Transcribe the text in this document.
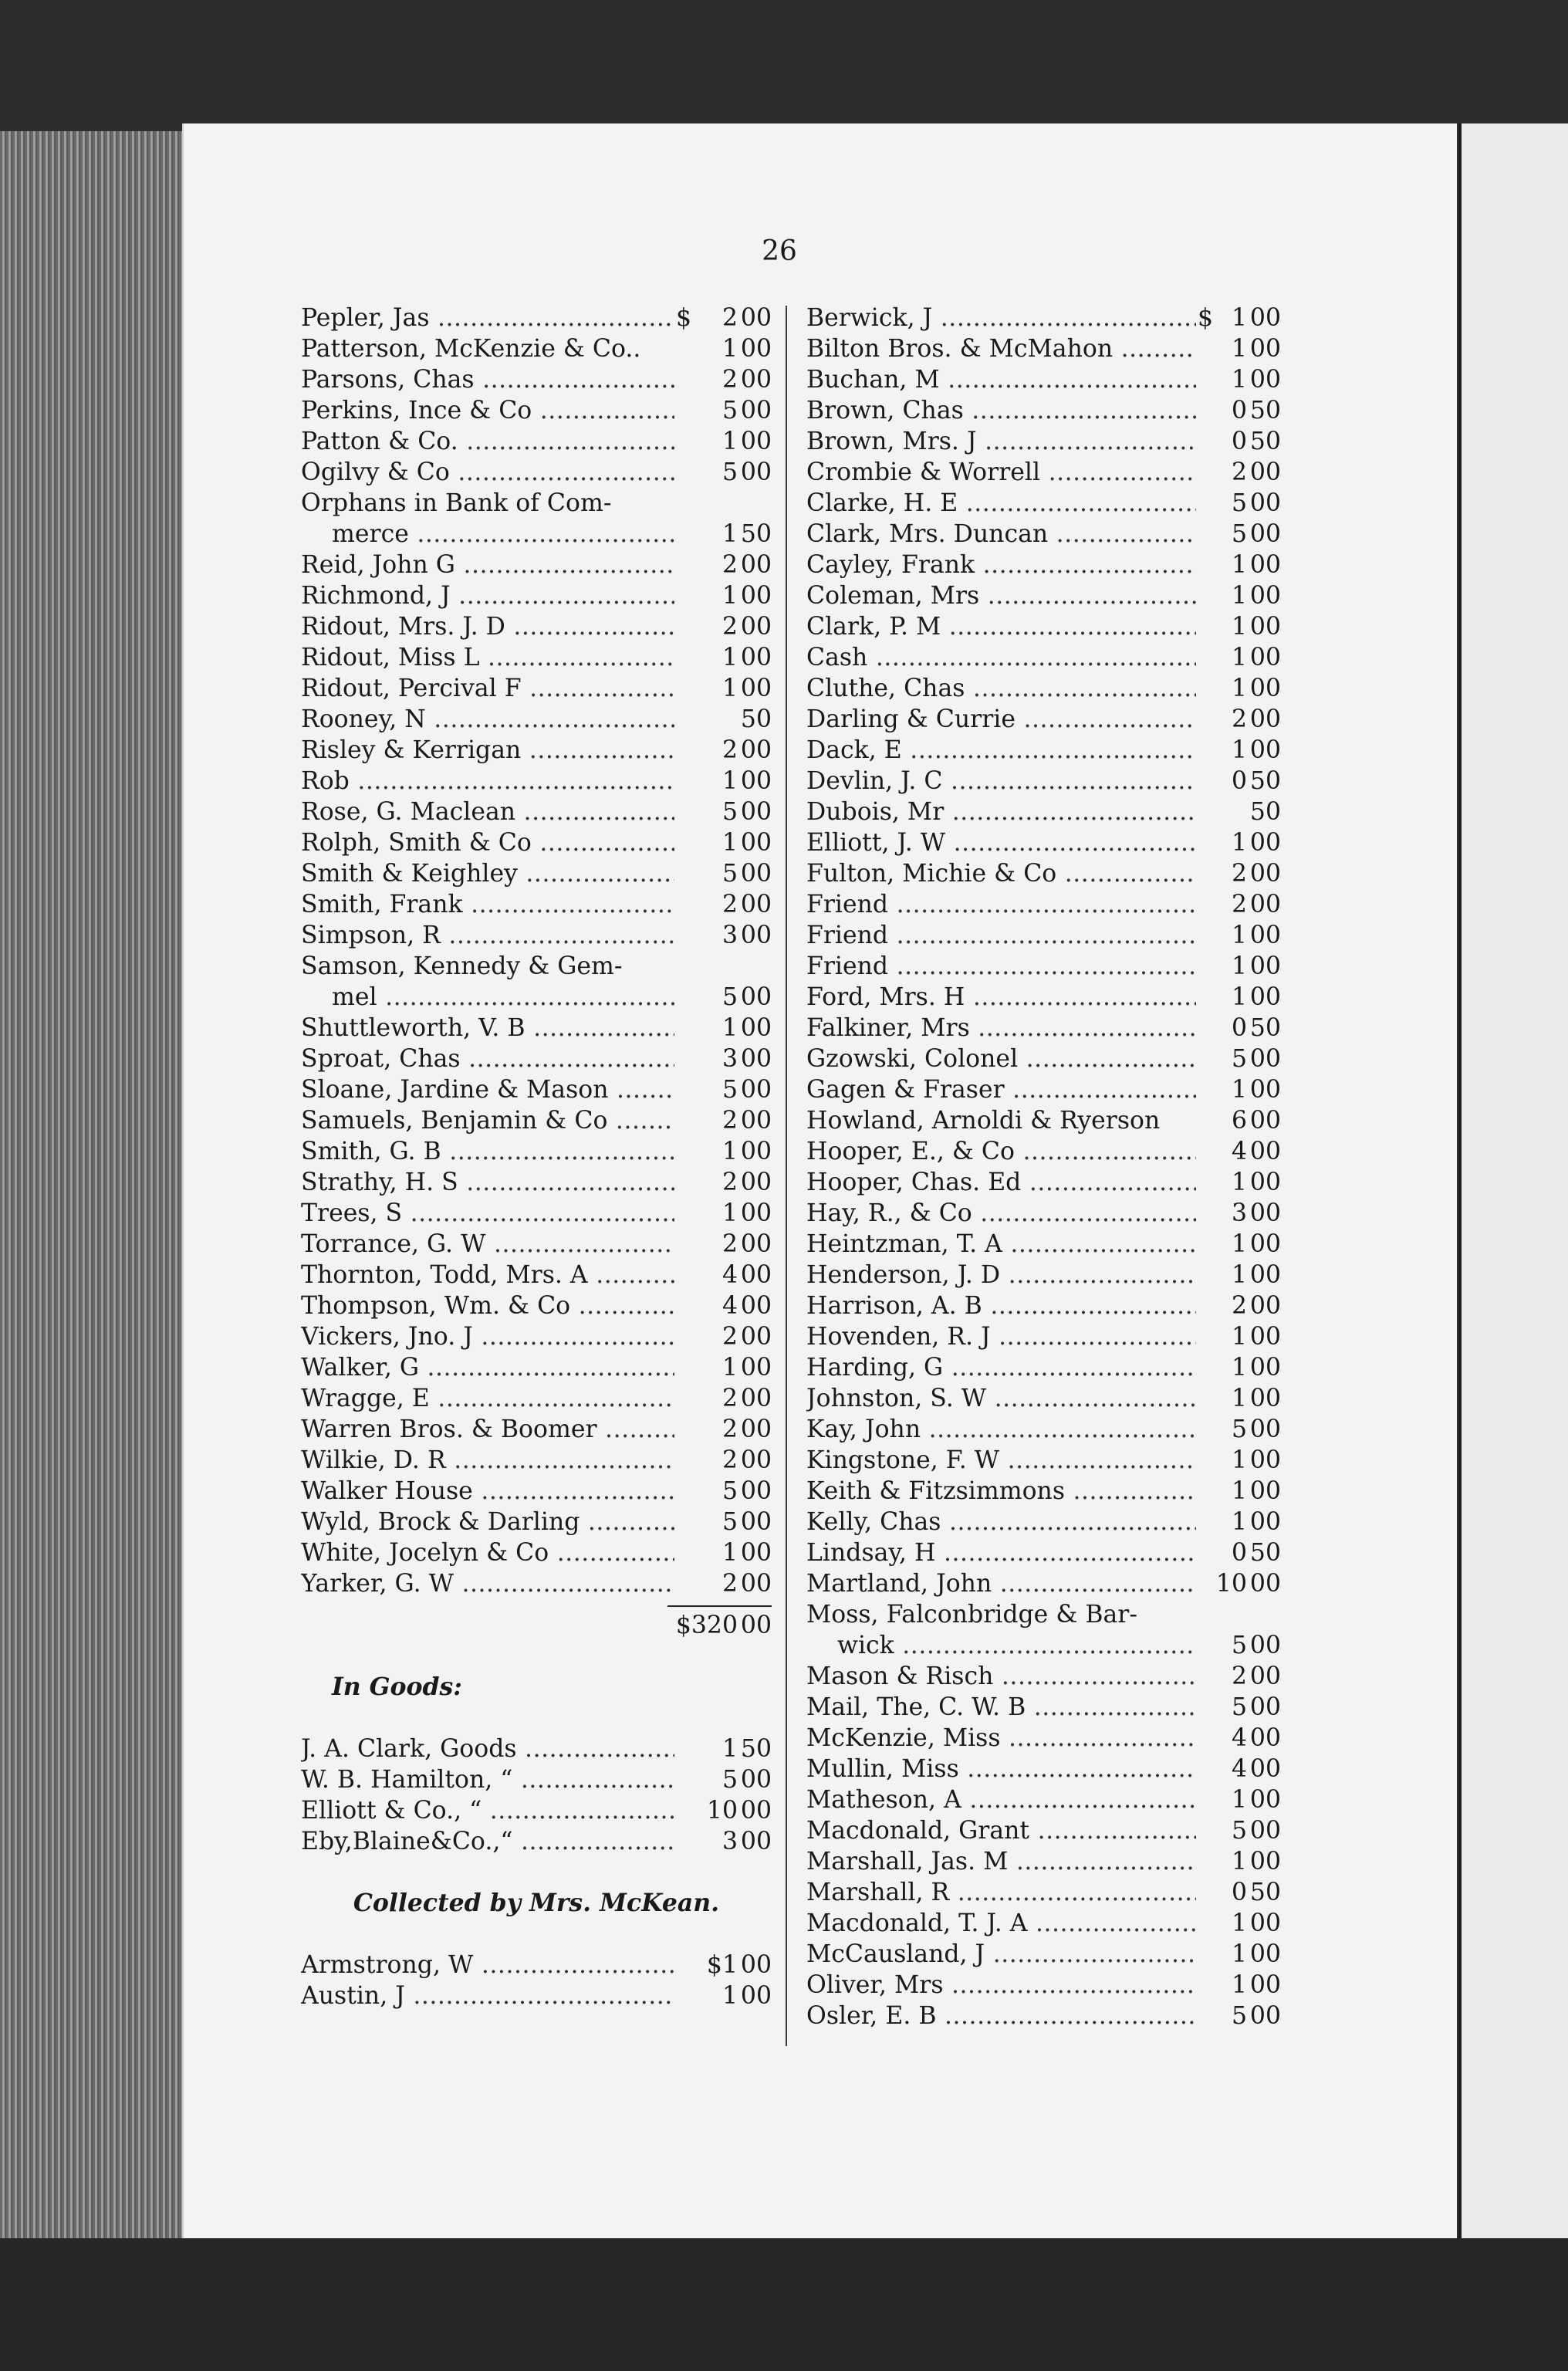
26
Pepler, Jas .....	$	2 00
Patterson, McKenzie & Co..	1 00
Parsons, Chas .....	2 00
Perkins, Ince & Co .....	5 00
Patton & Co. .....	1 00
Ogilvy & Co .....	5 00
Orphans in Bank of Com-
merce .....	1 50
Reid, John G .....	2 00
Richmond, J .....	1 00
Ridout, Mrs. J. D .....	2 00
Ridout, Miss L .....	1 00
Ridout, Percival F .....	1 00
Rooney, N .....	50
Risley & Kerrigan .....	2 00
Rob .....	1 00
Rose, G. Maclean .....	5 00
Rolph, Smith & Co .....	1 00
Smith & Keighley .....	5 00
Smith, Frank .....	2 00
Simpson, R .....	3 00
Samson, Kennedy & Gem-
mel .....	5 00
Shuttleworth, V. B .....	1 00
Sproat, Chas .....	3 00
Sloane, Jardine & Mason .....	5 00
Samuels, Benjamin & Co .....	2 00
Smith, G. B .....	1 00
Strathy, H. S .....	2 00
Trees, S .....	1 00
Torrance, G. W .....	2 00
Thornton, Todd, Mrs. A .....	4 00
Thompson, Wm. & Co .....	4 00
Vickers, Jno. J .....	2 00
Walker, G .....	1 00
Wragge, E .....	2 00
Warren Bros. & Boomer .....	2 00
Wilkie, D. R .....	2 00
Walker House .....	5 00
Wyld, Brock & Darling .....	5 00
White, Jocelyn & Co .....	1 00
Yarker, G. W .....	2 00
$320 00
In Goods:
J. A. Clark, Goods .....	1 50
W. B. Hamilton, “ .....	5 00
Elliott & Co., “ .....	10 00
Eby,Blaine&Co.,“ .....	3 00
Collected by Mrs. McKean.
Armstrong, W .....	$1 00
Austin, J .....	1 00
Berwick, J .....	$ 1 00
Bilton Bros. & McMahon .....	1 00
Buchan, M .....	1 00
Brown, Chas .....	0 50
Brown, Mrs. J .....	0 50
Crombie & Worrell .....	2 00
Clarke, H. E .....	5 00
Clark, Mrs. Duncan .....	5 00
Cayley, Frank .....	1 00
Coleman, Mrs .....	1 00
Clark, P. M .....	1 00
Cash .....	1 00
Cluthe, Chas .....	1 00
Darling & Currie .....	2 00
Dack, E .....	1 00
Devlin, J. C .....	0 50
Dubois, Mr .....	50
Elliott, J. W .....	1 00
Fulton, Michie & Co .....	2 00
Friend .....	2 00
Friend .....	1 00
Friend .....	1 00
Ford, Mrs. H .....	1 00
Falkiner, Mrs .....	0 50
Gzowski, Colonel .....	5 00
Gagen & Fraser .....	1 00
Howland, Arnoldi & Ryerson	6 00
Hooper, E., & Co .....	4 00
Hooper, Chas. Ed .....	1 00
Hay, R., & Co .....	3 00
Heintzman, T. A .....	1 00
Henderson, J. D .....	1 00
Harrison, A. B .....	2 00
Hovenden, R. J .....	1 00
Harding, G .....	1 00
Johnston, S. W .....	1 00
Kay, John .....	5 00
Kingstone, F. W .....	1 00
Keith & Fitzsimmons .....	1 00
Kelly, Chas .....	1 00
Lindsay, H .....	0 50
Martland, John .....	10 00
Moss, Falconbridge & Bar-
wick .....	5 00
Mason & Risch .....	2 00
Mail, The, C. W. B .....	5 00
McKenzie, Miss .....	4 00
Mullin, Miss .....	4 00
Matheson, A .....	1 00
Macdonald, Grant .....	5 00
Marshall, Jas. M .....	1 00
Marshall, R .....	0 50
Macdonald, T. J. A .....	1 00
McCausland, J .....	1 00
Oliver, Mrs .....	1 00
Osler, E. B .....	5 00
